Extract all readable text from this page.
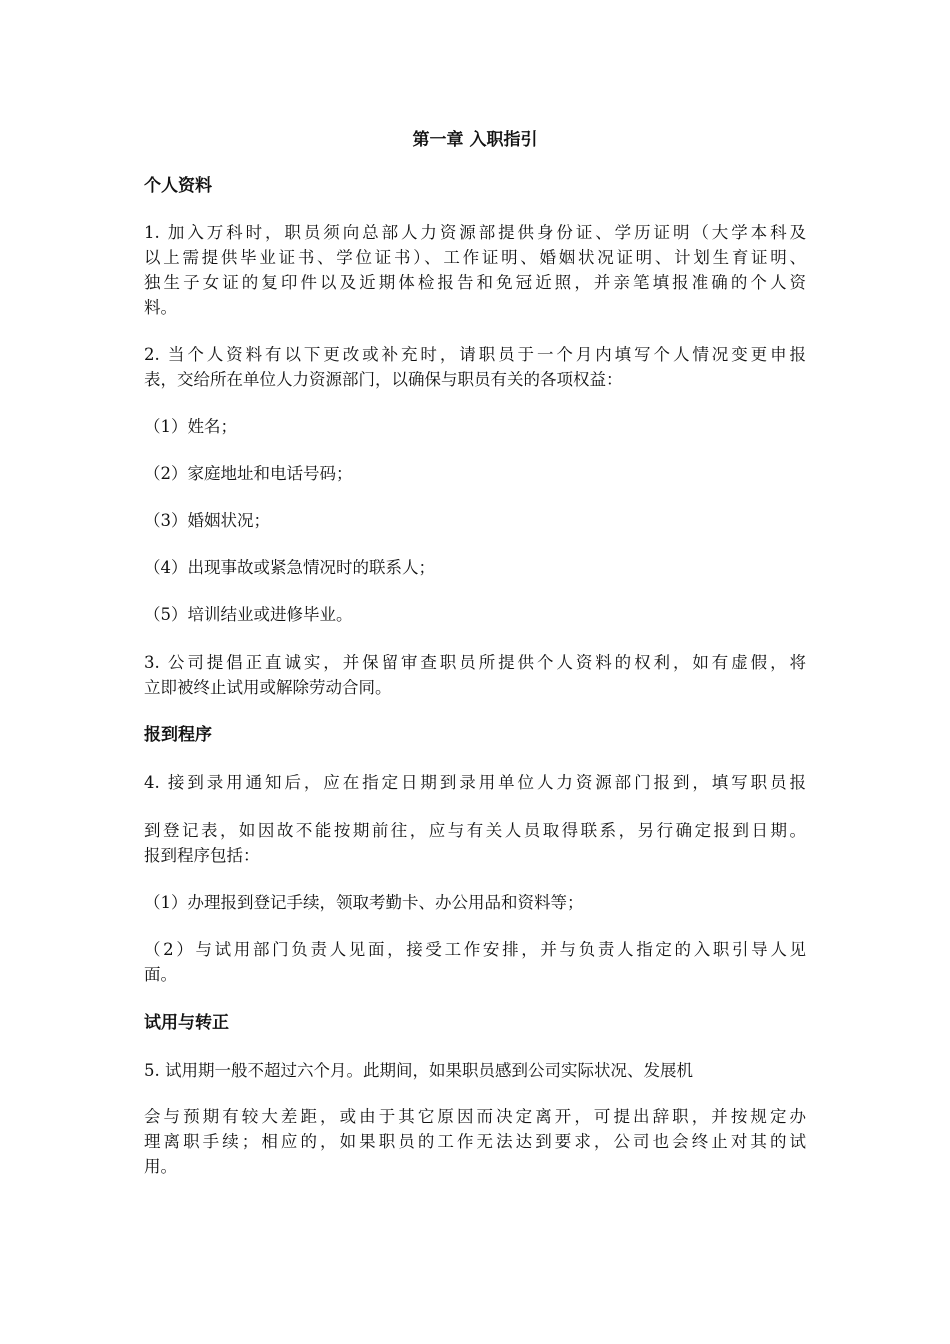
第一章 入职指引
个人资料
1. 加入万科时，职员须向总部人力资源部提供身份证、学历证明（大学本科及
以上需提供毕业证书、学位证书）、工作证明、婚姻状况证明、计划生育证明、
独生子女证的复印件以及近期体检报告和免冠近照，并亲笔填报准确的个人资
料。
2. 当个人资料有以下更改或补充时，请职员于一个月内填写个人情况变更申报
表，交给所在单位人力资源部门，以确保与职员有关的各项权益：
（1）姓名；
（2）家庭地址和电话号码；
（3）婚姻状况；
（4）出现事故或紧急情况时的联系人；
（5）培训结业或进修毕业。
3. 公司提倡正直诚实，并保留审查职员所提供个人资料的权利，如有虚假，将
立即被终止试用或解除劳动合同。
报到程序
4. 接到录用通知后，应在指定日期到录用单位人力资源部门报到，填写职员报
到登记表，如因故不能按期前往，应与有关人员取得联系，另行确定报到日期。
报到程序包括：
（1）办理报到登记手续，领取考勤卡、办公用品和资料等；
（2）与试用部门负责人见面，接受工作安排，并与负责人指定的入职引导人见
面。
试用与转正
5. 试用期一般不超过六个月。此期间，如果职员感到公司实际状况、发展机
会与预期有较大差距，或由于其它原因而决定离开，可提出辞职，并按规定办
理离职手续；相应的，如果职员的工作无法达到要求，公司也会终止对其的试
用。
